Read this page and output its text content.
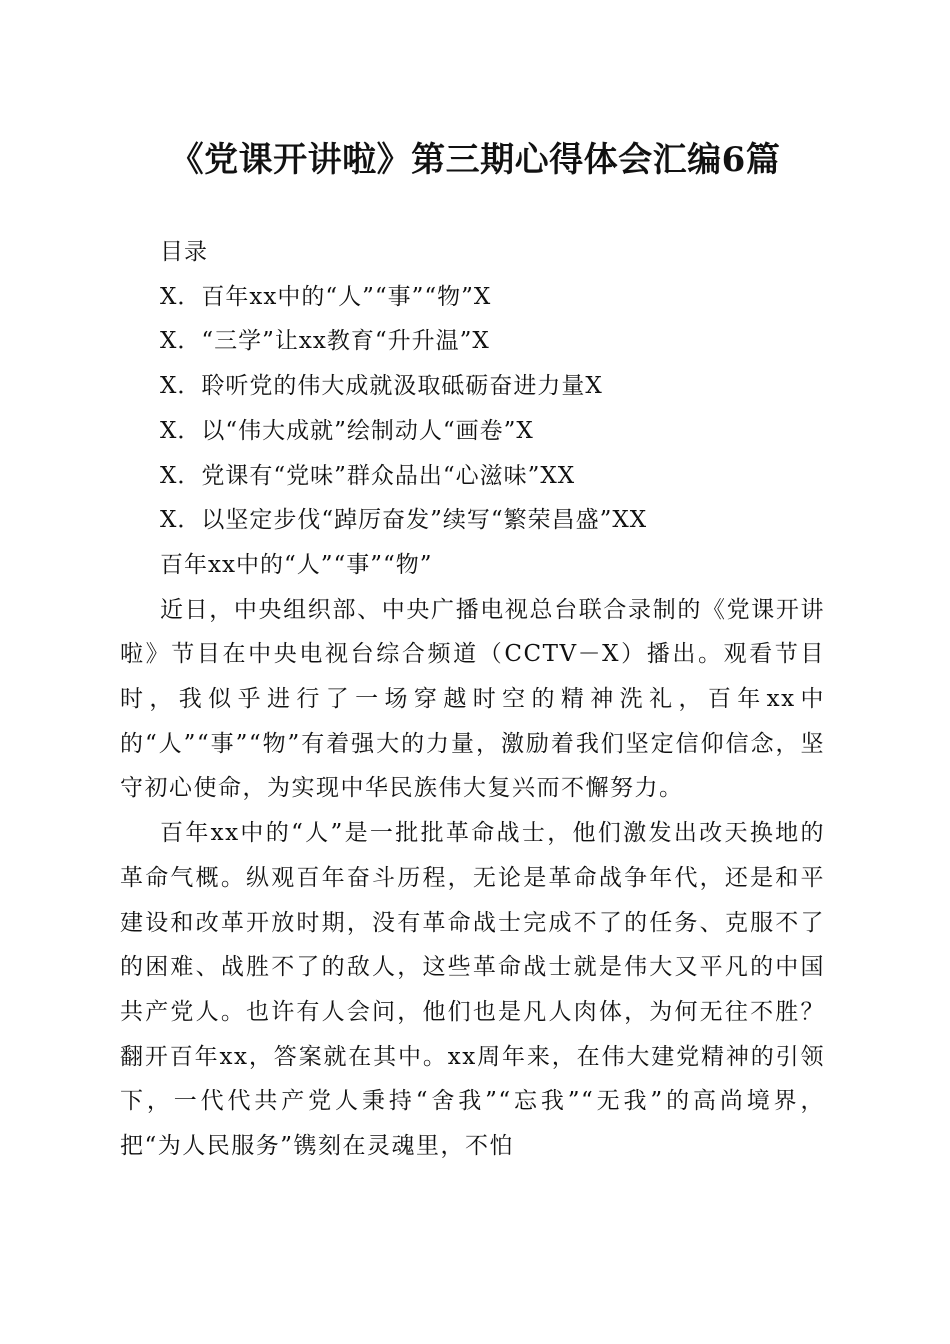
《党课开讲啦》第三期心得体会汇编6篇
目录
X．百年xx中的“人”“事”“物”X
X．“三学”让xx教育“升升温”X
X．聆听党的伟大成就汲取砥砺奋进力量X
X．以“伟大成就”绘制动人“画卷”X
X．党课有“党味”群众品出“心滋味”XX
X．以坚定步伐“踔厉奋发”续写“繁荣昌盛”XX
百年xx中的“人”“事”“物”

近日，中央组织部、中央广播电视总台联合录制的《党课开讲啦》节目在中央电视台综合频道（CCTV－X）播出。观看节目时，我似乎进行了一场穿越时空的精神洗礼，百年xx中的“人”“事”“物”有着强大的力量，激励着我们坚定信仰信念，坚守初心使命，为实现中华民族伟大复兴而不懈努力。

百年xx中的“人”是一批批革命战士，他们激发出改天换地的革命气概。纵观百年奋斗历程，无论是革命战争年代，还是和平建设和改革开放时期，没有革命战士完成不了的任务、克服不了的困难、战胜不了的敌人，这些革命战士就是伟大又平凡的中国共产党人。也许有人会问，他们也是凡人肉体，为何无往不胜？翻开百年xx，答案就在其中。xx周年来，在伟大建党精神的引领下，一代代共产党人秉持“舍我”“忘我”“无我”的高尚境界，把“为人民服务”镌刻在灵魂里，不怕
